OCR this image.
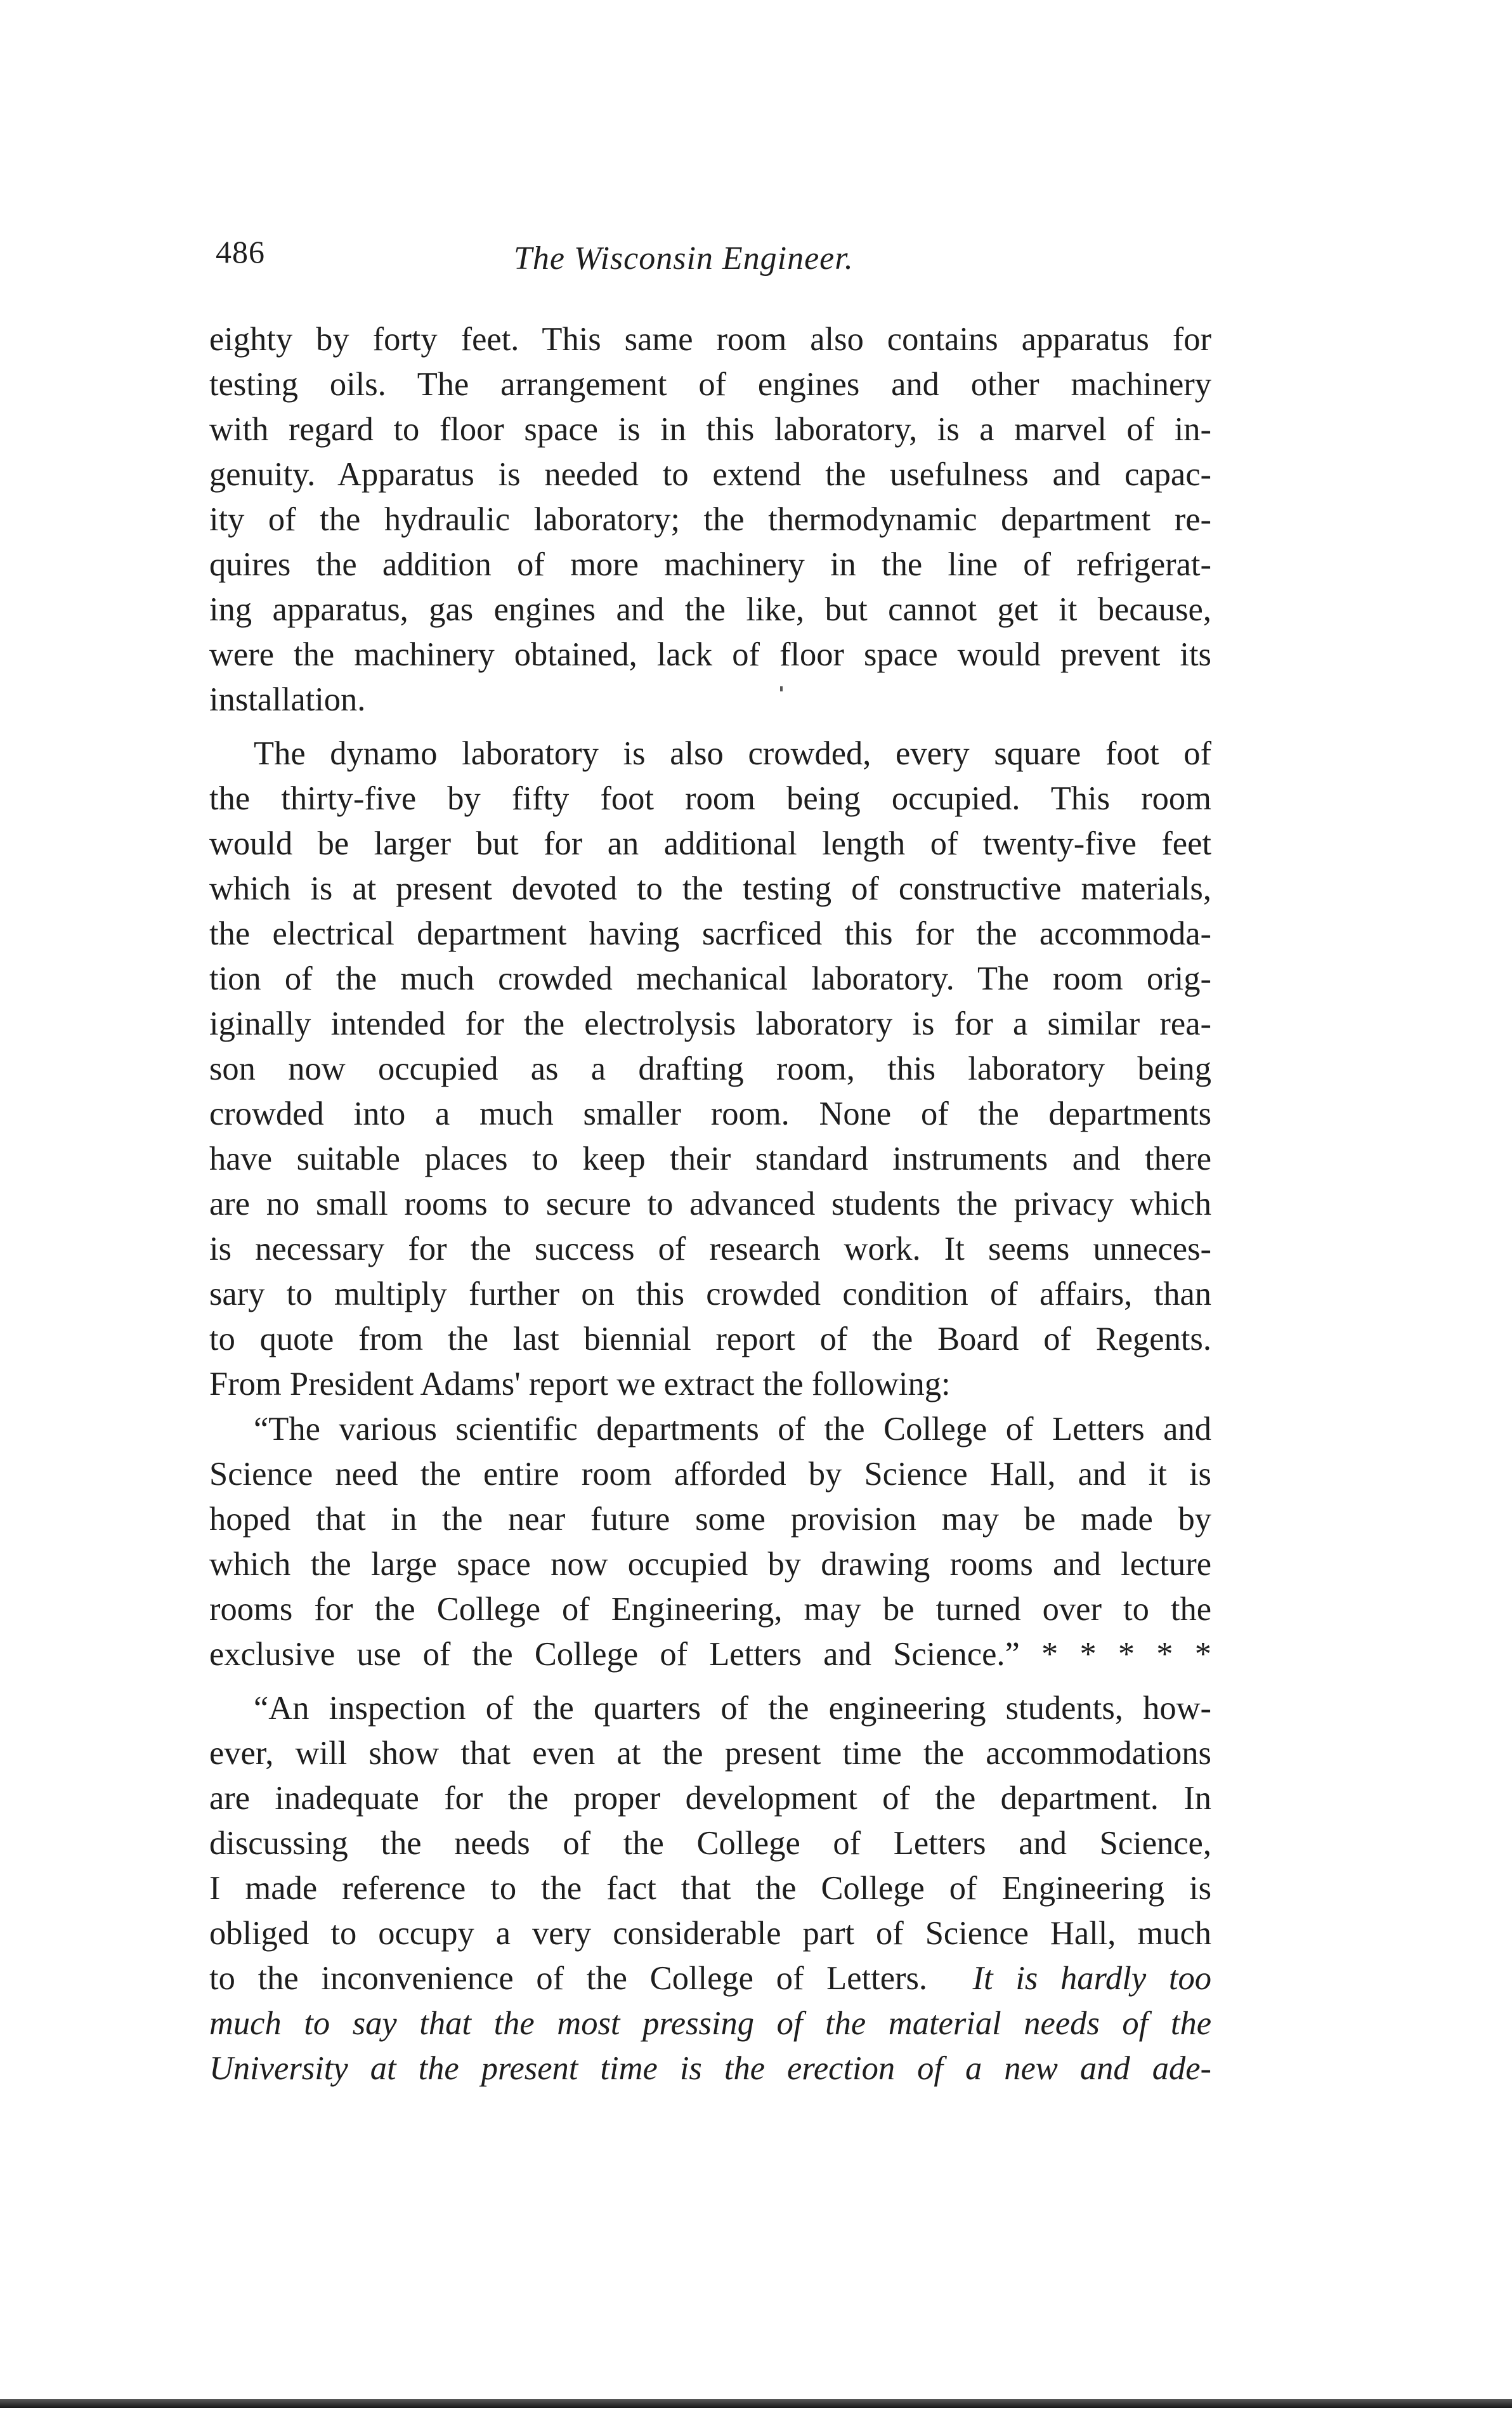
486	The Wisconsin Engineer.
eighty by forty feet. This same room also contains apparatus for
testing oils. The arrangement of engines and other machinery
with regard to floor space is in this laboratory, is a marvel of in-
genuity. Apparatus is needed to extend the usefulness and capac-
ity of the hydraulic laboratory; the thermodynamic department re-
quires the addition of more machinery in the line of refrigerat-
ing apparatus, gas engines and the like, but cannot get it because,
were the machinery obtained, lack of floor space would prevent its
installation.
The dynamo laboratory is also crowded, every square foot of
the thirty-five by fifty foot room being occupied. This room
would be larger but for an additional length of twenty-five feet
which is at present devoted to the testing of constructive materials,
the electrical department having sacrficed this for the accommoda-
tion of the much crowded mechanical laboratory. The room orig-
iginally intended for the electrolysis laboratory is for a similar rea-
son now occupied as a drafting room, this laboratory being
crowded into a much smaller room. None of the departments
have suitable places to keep their standard instruments and there
are no small rooms to secure to advanced students the privacy which
is necessary for the success of research work. It seems unneces-
sary to multiply further on this crowded condition of affairs, than
to quote from the last biennial report of the Board of Regents.
From President Adams' report we extract the following:
“The various scientific departments of the College of Letters and
Science need the entire room afforded by Science Hall, and it is
hoped that in the near future some provision may be made by
which the large space now occupied by drawing rooms and lecture
rooms for the College of Engineering, may be turned over to the
exclusive use of the College of Letters and Science.” * * * * *
“An inspection of the quarters of the engineering students, how-
ever, will show that even at the present time the accommodations
are inadequate for the proper development of the department. In
discussing the needs of the College of Letters and Science,
I made reference to the fact that the College of Engineering is
obliged to occupy a very considerable part of Science Hall, much
to the inconvenience of the College of Letters. It is hardly too
much to say that the most pressing of the material needs of the
University at the present time is the erection of a new and ade-
